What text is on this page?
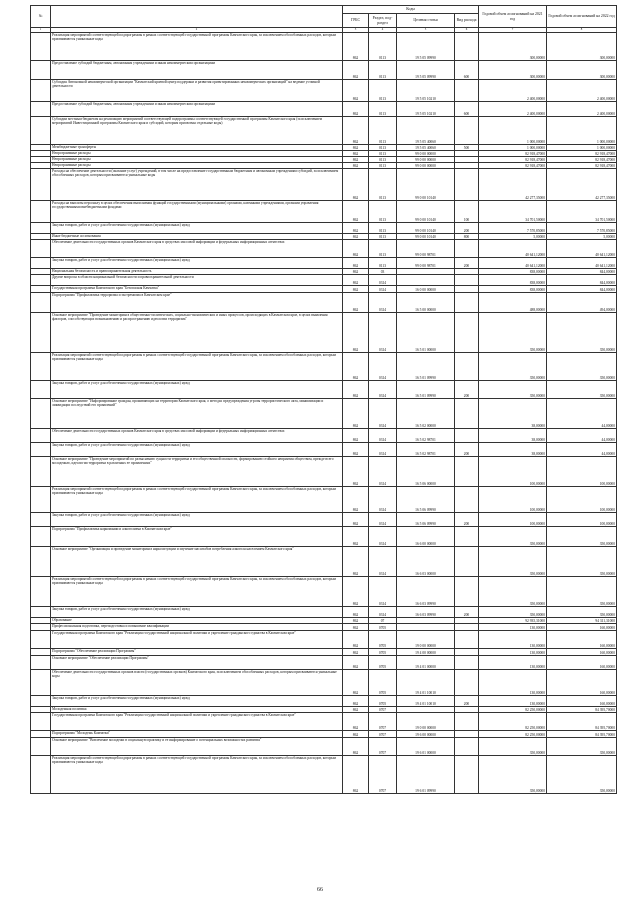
№		Коды				Годовой объем ассигнований на 2021 год	Годовой объем ассигнований на 2022 год
		ГРБС	Раздел, под-раздел	Целевая статья	Вид расхода		
1	2	3	4	5	6	7	8
	Реализация мероприятий соответствующей подпрограммы в рамках соответствующей государственной программы Камчатского края, за исключением обособленных расходов, которым присваиваются уникальные коды	862	0113	19 5 05 09990		300,00000	300,00000
	Предоставление субсидий бюджетным, автономным учреждениям и иным некоммерческим организациям	862	0113	19 5 05 09990	600	300,00000	300,00000
	Субсидия Автономной некоммерческой организации "Камчатский краевой центр поддержки и развития ориентированных некоммерческих организаций" на ведение уставной деятельности	862	0113	19 5 05 10210		2 400,00000	2 400,00000
	Предоставление субсидий бюджетным, автономным учреждениям и иным некоммерческим организациям	862	0113	19 5 05 10210	600	2 400,00000	2 400,00000
	Субсидии местным бюджетам на реализацию мероприятий соответствующей подпрограммы соответствующей государственной программы Камчатского края (за исключением мероприятий Инвестиционной программы Камчатского края и субсидий, которым присвоены отдельные коды)	862	0113	19 5 05 40060		1 000,00000	1 000,00000
	Межбюджетные трансферты	862	0113	19 5 05 40060	500	1 000,00000	1 000,00000
	Непрограммные расходы	862	0113	99 0 00 00000		82 918,47000	82 918,47000
	Непрограммные расходы	862	0113	99 0 00 00000		82 918,47000	82 918,47000
	Непрограммные расходы	862	0113	99 0 00 00000		82 918,47000	82 918,47000
	Расходы на обеспечение деятельности (оказание услуг) учреждений, в том числе на предоставление государственным бюджетным и автономным учреждениям субсидий, за исключением обособленных расходов, которым присваиваются уникальные коды	862	0113	99 0 00 10140		42 277,35000	42 277,35000
	Расходы на выплаты персоналу в целях обеспечения выполнения функций государственными (муниципальными) органами, казенными учреждениями, органами управления государственными внебюджетными фондами	862	0113	99 0 00 10140	100	34 701,50000	34 701,50000
	Закупка товаров, работ и услуг для обеспечения государственных (муниципальных) нужд	862	0113	99 0 00 10140	200	7 570,85000	7 570,85000
	Иные бюджетные ассигнования	862	0113	99 0 00 10140	800	5,00000	5,00000
	Обеспечение деятельности государственных органов Камчатского края в средствах массовой информации и федеральных информационных агентствах	862	0113	99 0 00 98701		40 641,12000	40 641,12000
	Закупка товаров, работ и услуг для обеспечения государственных (муниципальных) нужд	862	0113	99 0 00 98701	200	40 641,12000	40 641,12000
	Национальная безопасность и правоохранительная деятельность	862	03			838,00000	844,00000
	Другие вопросы в области национальной безопасности и правоохранительной деятельности	862	0314			838,00000	844,00000
	Государственная программа Камчатского края "Безопасная Камчатка"	862	0314	16 0 00 00000		838,00000	844,00000
	Подпрограмма "Профилактика терроризма и экстремизма в Камчатском крае"	862	0314	16 5 00 00000		488,00000	494,00000
	Основное мероприятие "Проведение мониторинга общественно-политических, социально-экономических и иных процессов, происходящих в Камчатском крае, в целях выявления факторов, способствующих возникновению и распространению идеологии терроризма"	862	0314	16 5 01 00000		350,00000	350,00000
	Реализация мероприятий соответствующей подпрограммы в рамках соответствующей государственной программы Камчатского края, за исключением обособленных расходов, которым присваиваются уникальные коды	862	0314	16 5 01 09990		350,00000	350,00000
	Закупка товаров, работ и услуг для обеспечения государственных (муниципальных) нужд	862	0314	16 5 01 09990	200	350,00000	350,00000
	Основное мероприятие "Информирование граждан, проживающих на территории Камчатского края, о методах предупреждения угрозы террористического акта, минимизации и ликвидации последствий его проявлений"	862	0314	16 5 02 00000		38,00000	44,00000
	Обеспечение деятельности государственных органов Камчатского края в средствах массовой информации и федеральных информационных агентствах	862	0314	16 5 02 98701		38,00000	44,00000
	Закупка товаров, работ и услуг для обеспечения государственных (муниципальных) нужд	862	0314	16 5 02 98701	200	38,00000	44,00000
	Основное мероприятие "Проведение мероприятий по разъяснению сущности терроризма и его общественной опасности, формированию стойкого неприятия обществом, прежде всего молодежью, идеологии терроризма в различных ее проявлениях"	862	0314	16 5 06 00000		100,00000	100,00000
	Реализация мероприятий соответствующей подпрограммы в рамках соответствующей государственной программы Камчатского края, за исключением обособленных расходов, которым присваиваются уникальные коды	862	0314	16 5 06 09990		100,00000	100,00000
	Закупка товаров, работ и услуг для обеспечения государственных (муниципальных) нужд	862	0314	16 5 06 09990	200	100,00000	100,00000
	Подпрограмма "Профилактика наркомании и алкоголизма в Камчатском крае"	862	0314	16 6 00 00000		350,00000	350,00000
	Основное мероприятие "Организация и проведение мониторинга наркоситуации и изучение масштабов потребления алкоголя населением Камчатского края"	862	0314	16 6 03 00000		350,00000	350,00000
	Реализация мероприятий соответствующей подпрограммы в рамках соответствующей государственной программы Камчатского края, за исключением обособленных расходов, которым присваиваются уникальные коды	862	0314	16 6 03 09990		350,00000	350,00000
	Закупка товаров, работ и услуг для обеспечения государственных (муниципальных) нужд	862	0314	16 6 03 09990	200	350,00000	350,00000
	Образование	862	07			92 935,31000	94 311,31000
	Профессиональная подготовка, переподготовка и повышение квалификации	862	0705			130,00000	160,00000
	Государственная программа Камчатского края "Реализация государственной национальной политики и укрепление гражданского единства в Камчатском крае"	862	0705	19 0 00 00000		130,00000	160,00000
	Подпрограмма "Обеспечение реализации Программы"	862	0705	19 4 00 00000		130,00000	160,00000
	Основное мероприятие "Обеспечение реализации Программы"	862	0705	19 4 01 00000		130,00000	160,00000
	Обеспечение деятельности государственных органов власти (государственных органов) Камчатского края, за исключением обособленных расходов, которым присваиваются уникальные коды	862	0705	19 4 01 10010		130,00000	160,00000
	Закупка товаров, работ и услуг для обеспечения государственных (муниципальных) нужд	862	0705	19 4 01 10010	200	130,00000	160,00000
	Молодежная политика	862	0707			82 250,00000	84 395,70000
	Государственная программа Камчатского края "Реализация государственной национальной политики и укрепление гражданского единства в Камчатском крае"	862	0707	19 0 00 00000		82 250,00000	84 395,70000
	Подпрограмма "Молодежь Камчатки"	862	0707	19 6 00 00000		82 250,00000	84 395,70000
	Основное мероприятие "Вовлечение молодежи в социальную практику и ее информирование о потенциальных возможностях развития"	862	0707	19 6 01 00000		350,00000	350,00000
	Реализация мероприятий соответствующей подпрограммы в рамках соответствующей государственной программы Камчатского края, за исключением обособленных расходов, которым присваиваются уникальные коды	862	0707	19 6 01 09990		350,00000	350,00000
66
